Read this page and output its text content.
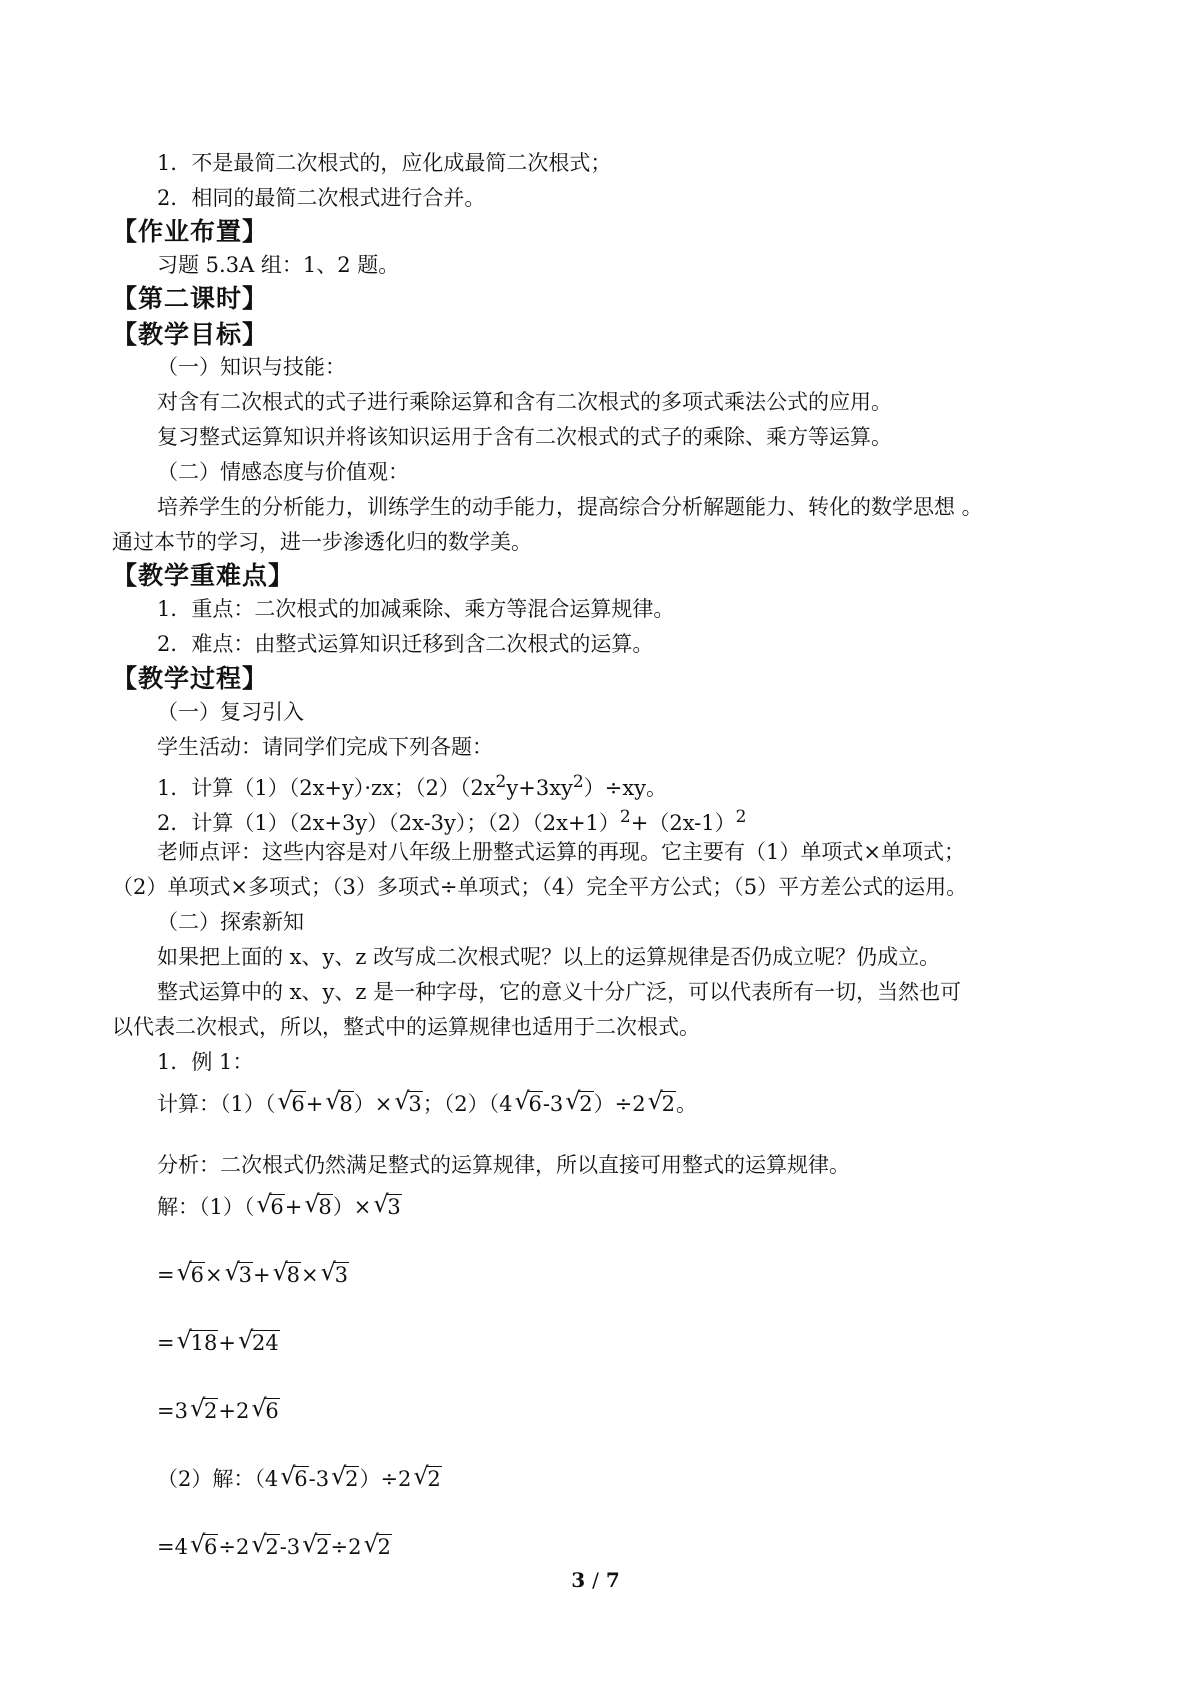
1．不是最简二次根式的，应化成最简二次根式；
2．相同的最简二次根式进行合并。
【作业布置】
习题 5.3A 组：1、2 题。
【第二课时】
【教学目标】
（一）知识与技能：
对含有二次根式的式子进行乘除运算和含有二次根式的多项式乘法公式的应用。
复习整式运算知识并将该知识运用于含有二次根式的式子的乘除、乘方等运算。
（二）情感态度与价值观：
培养学生的分析能力，训练学生的动手能力，提高综合分析解题能力、转化的数学思想 。
通过本节的学习，进一步渗透化归的数学美。
【教学重难点】
1．重点：二次根式的加减乘除、乘方等混合运算规律。
2．难点：由整式运算知识迁移到含二次根式的运算。
【教学过程】
（一）复习引入
学生活动：请同学们完成下列各题：
1．计算（1）（2x+y）·zx；$(2)(2x^2y+3xy^2)\div xy$。
2．计算（1）（2x+3y）（2x-3y）；$(2)(2x+1)^2+(2x-1)^2$
老师点评：这些内容是对八年级上册整式运算的再现。它主要有（1）单项式×单项式；
（2）单项式×多项式；（3）多项式÷单项式；（4）完全平方公式；（5）平方差公式的运用。
（二）探索新知
如果把上面的 x、y、z 改写成二次根式呢？以上的运算规律是否仍成立呢？仍成立。
整式运算中的 x、y、z 是一种字母，它的意义十分广泛，可以代表所有一切，当然也可
以代表二次根式，所以，整式中的运算规律也适用于二次根式。
1．例 1：
计算：（1）（ √ 6+ √ 8）× √ 3；（2）（4 √ 6-3 √ 2）÷2 √ 2。
分析：二次根式仍然满足整式的运算规律，所以直接可用整式的运算规律。
解：（1）（ √ 6+ √ 8）× √ 3
= √ 6× √ 3+ √ 8× √ 3
= √ 18+ √ 24
=3 √ 2+2 √ 6
（2）解：（4 √ 6-3 √ 2）÷2 √ 2
=4 √ 6÷2 √ 2-3 √ 2÷2 √ 2
3 / 7
